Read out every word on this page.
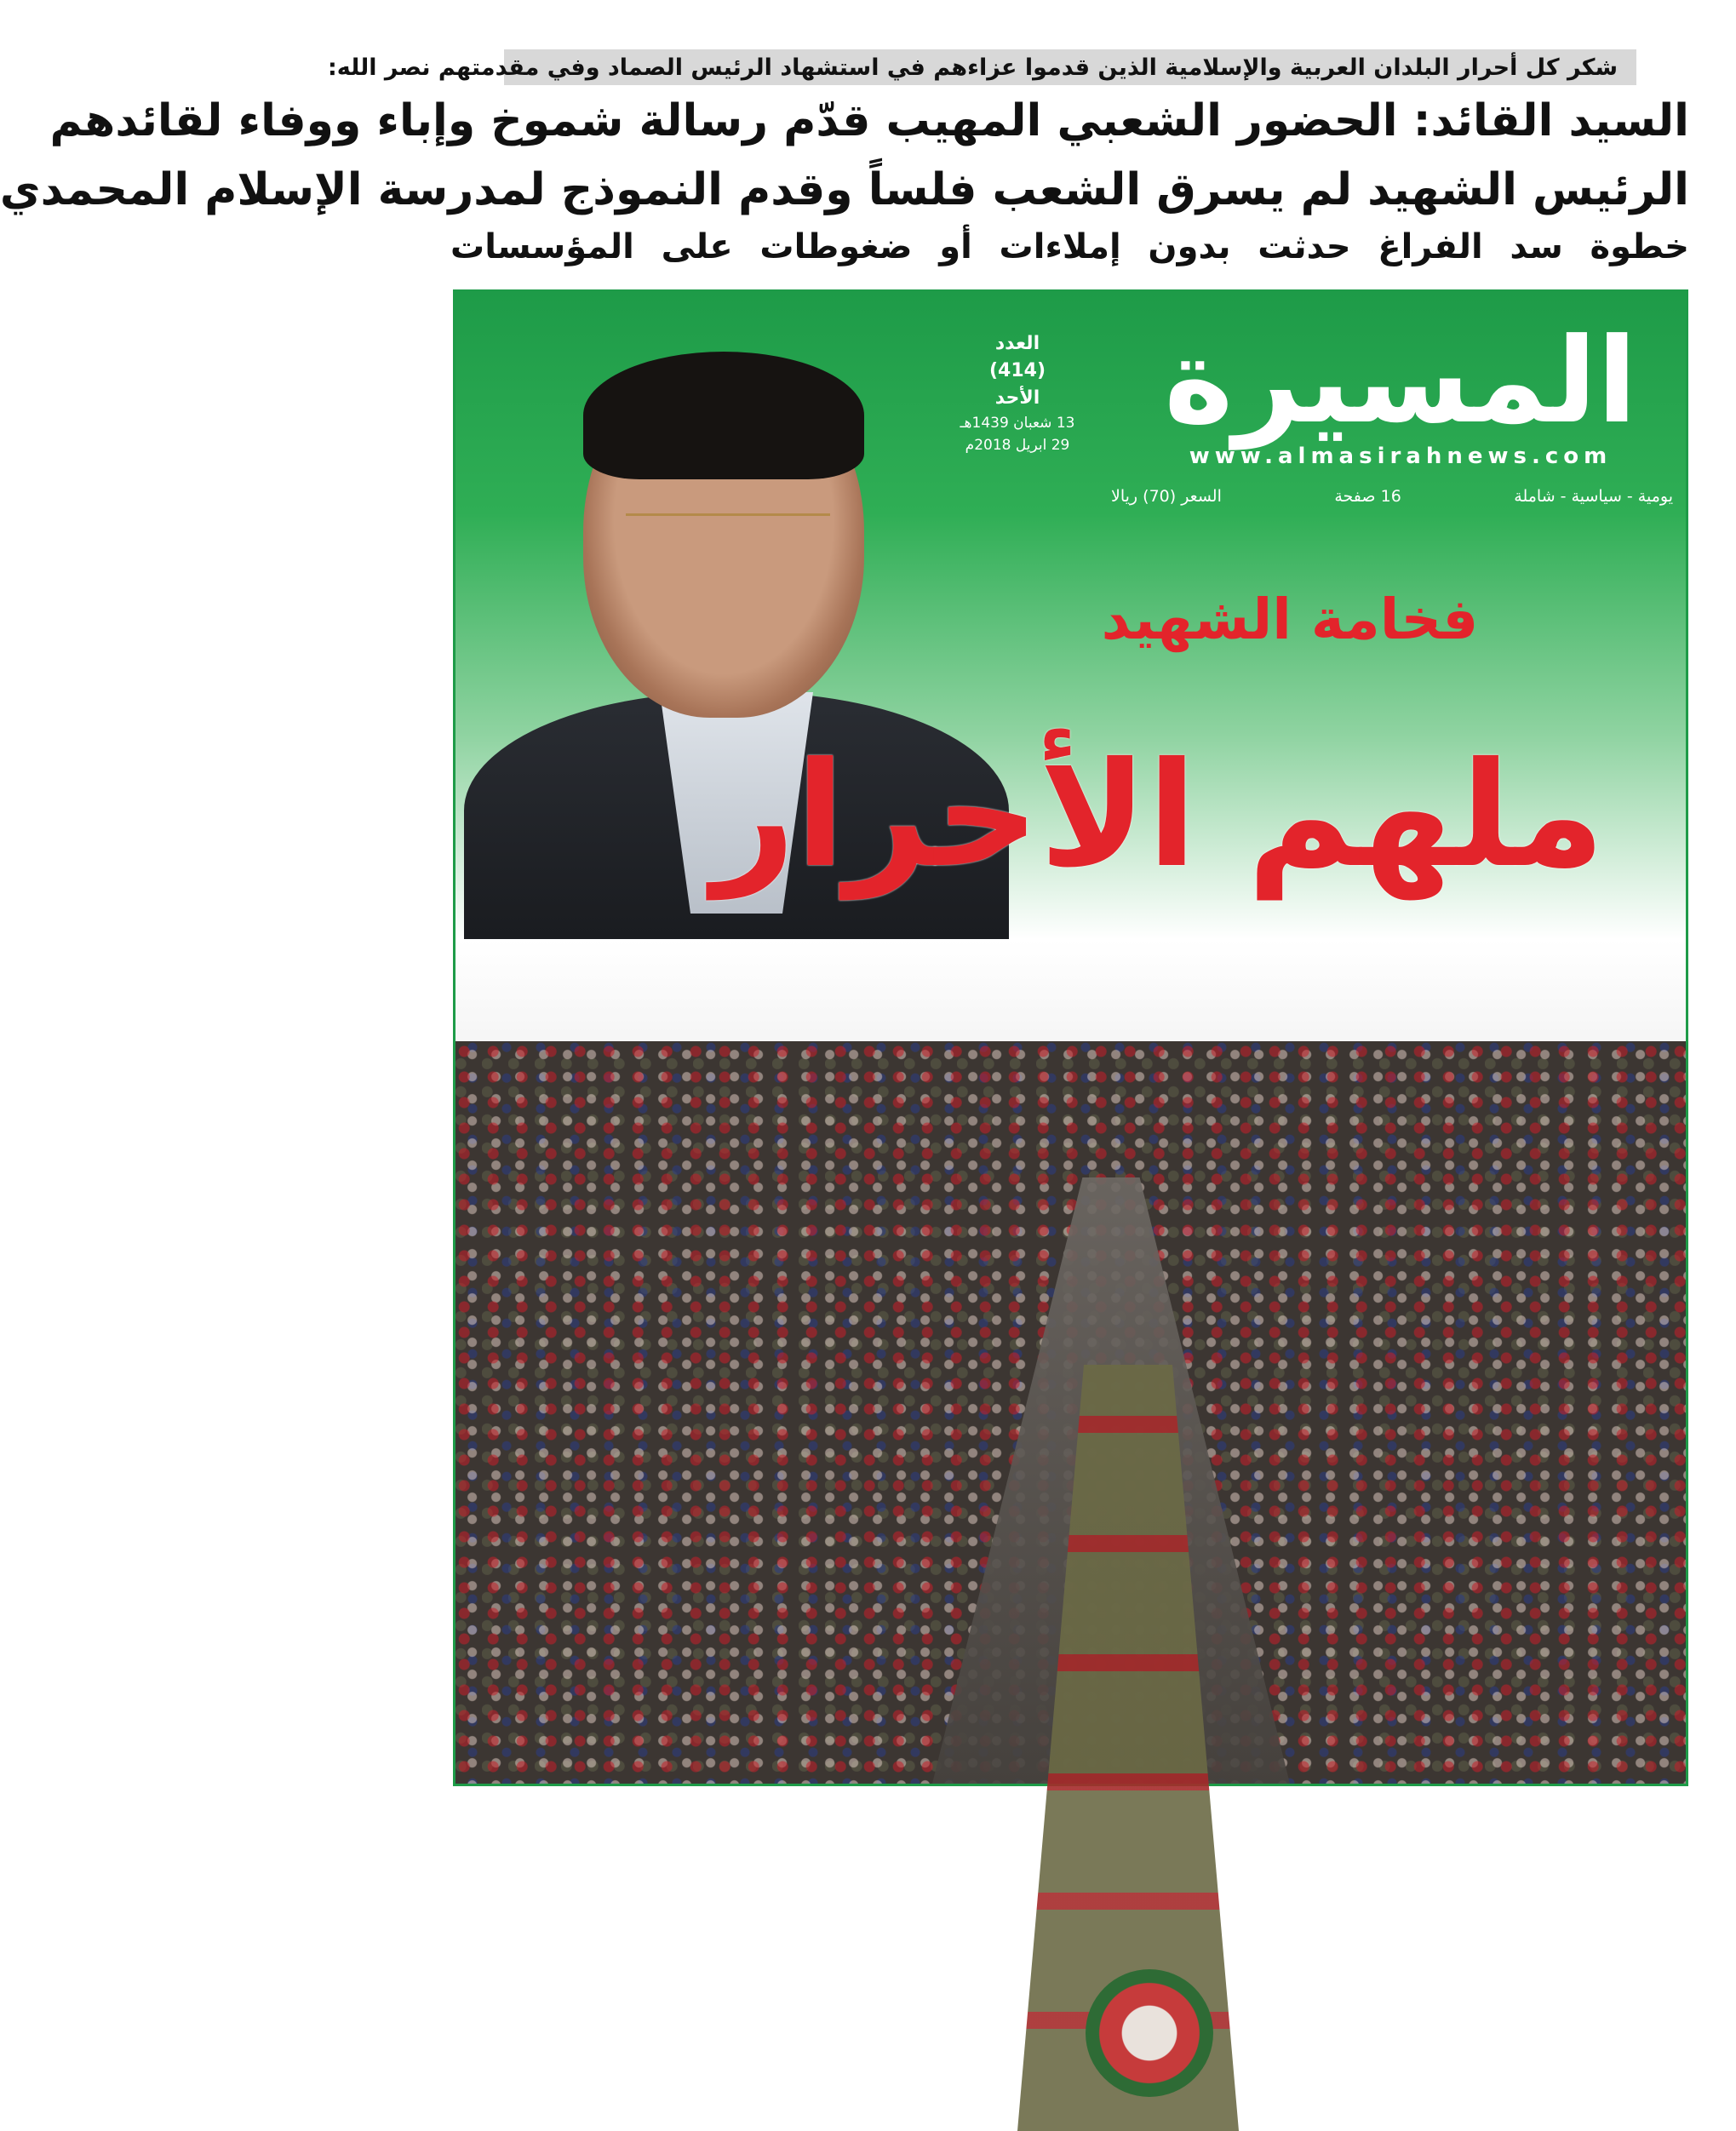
شكر كل أحرار البلدان العربية والإسلامية الذين قدموا عزاءهم في استشهاد الرئيس الصماد وفي مقدمتهم نصر الله:
السيد القائد: الحضور الشعبي المهيب قدّم رسالة شموخ وإباء ووفاء لقائدهم
الرئيس الشهيد لم يسرق الشعب فلساً وقدم النموذج لمدرسة الإسلام المحمدي
خطوة سد الفراغ حدثت بدون إملاءات أو ضغوطات على المؤسسات
المسيرة
www.almasirahnews.com
يومية - سياسية - شاملة
16 صفحة
السعر (70) ريالا
العدد
(414)
الأحد
13 شعبان 1439هـ
29 ابريل 2018م
فخامة الشهيد
ملهم الأحرار
